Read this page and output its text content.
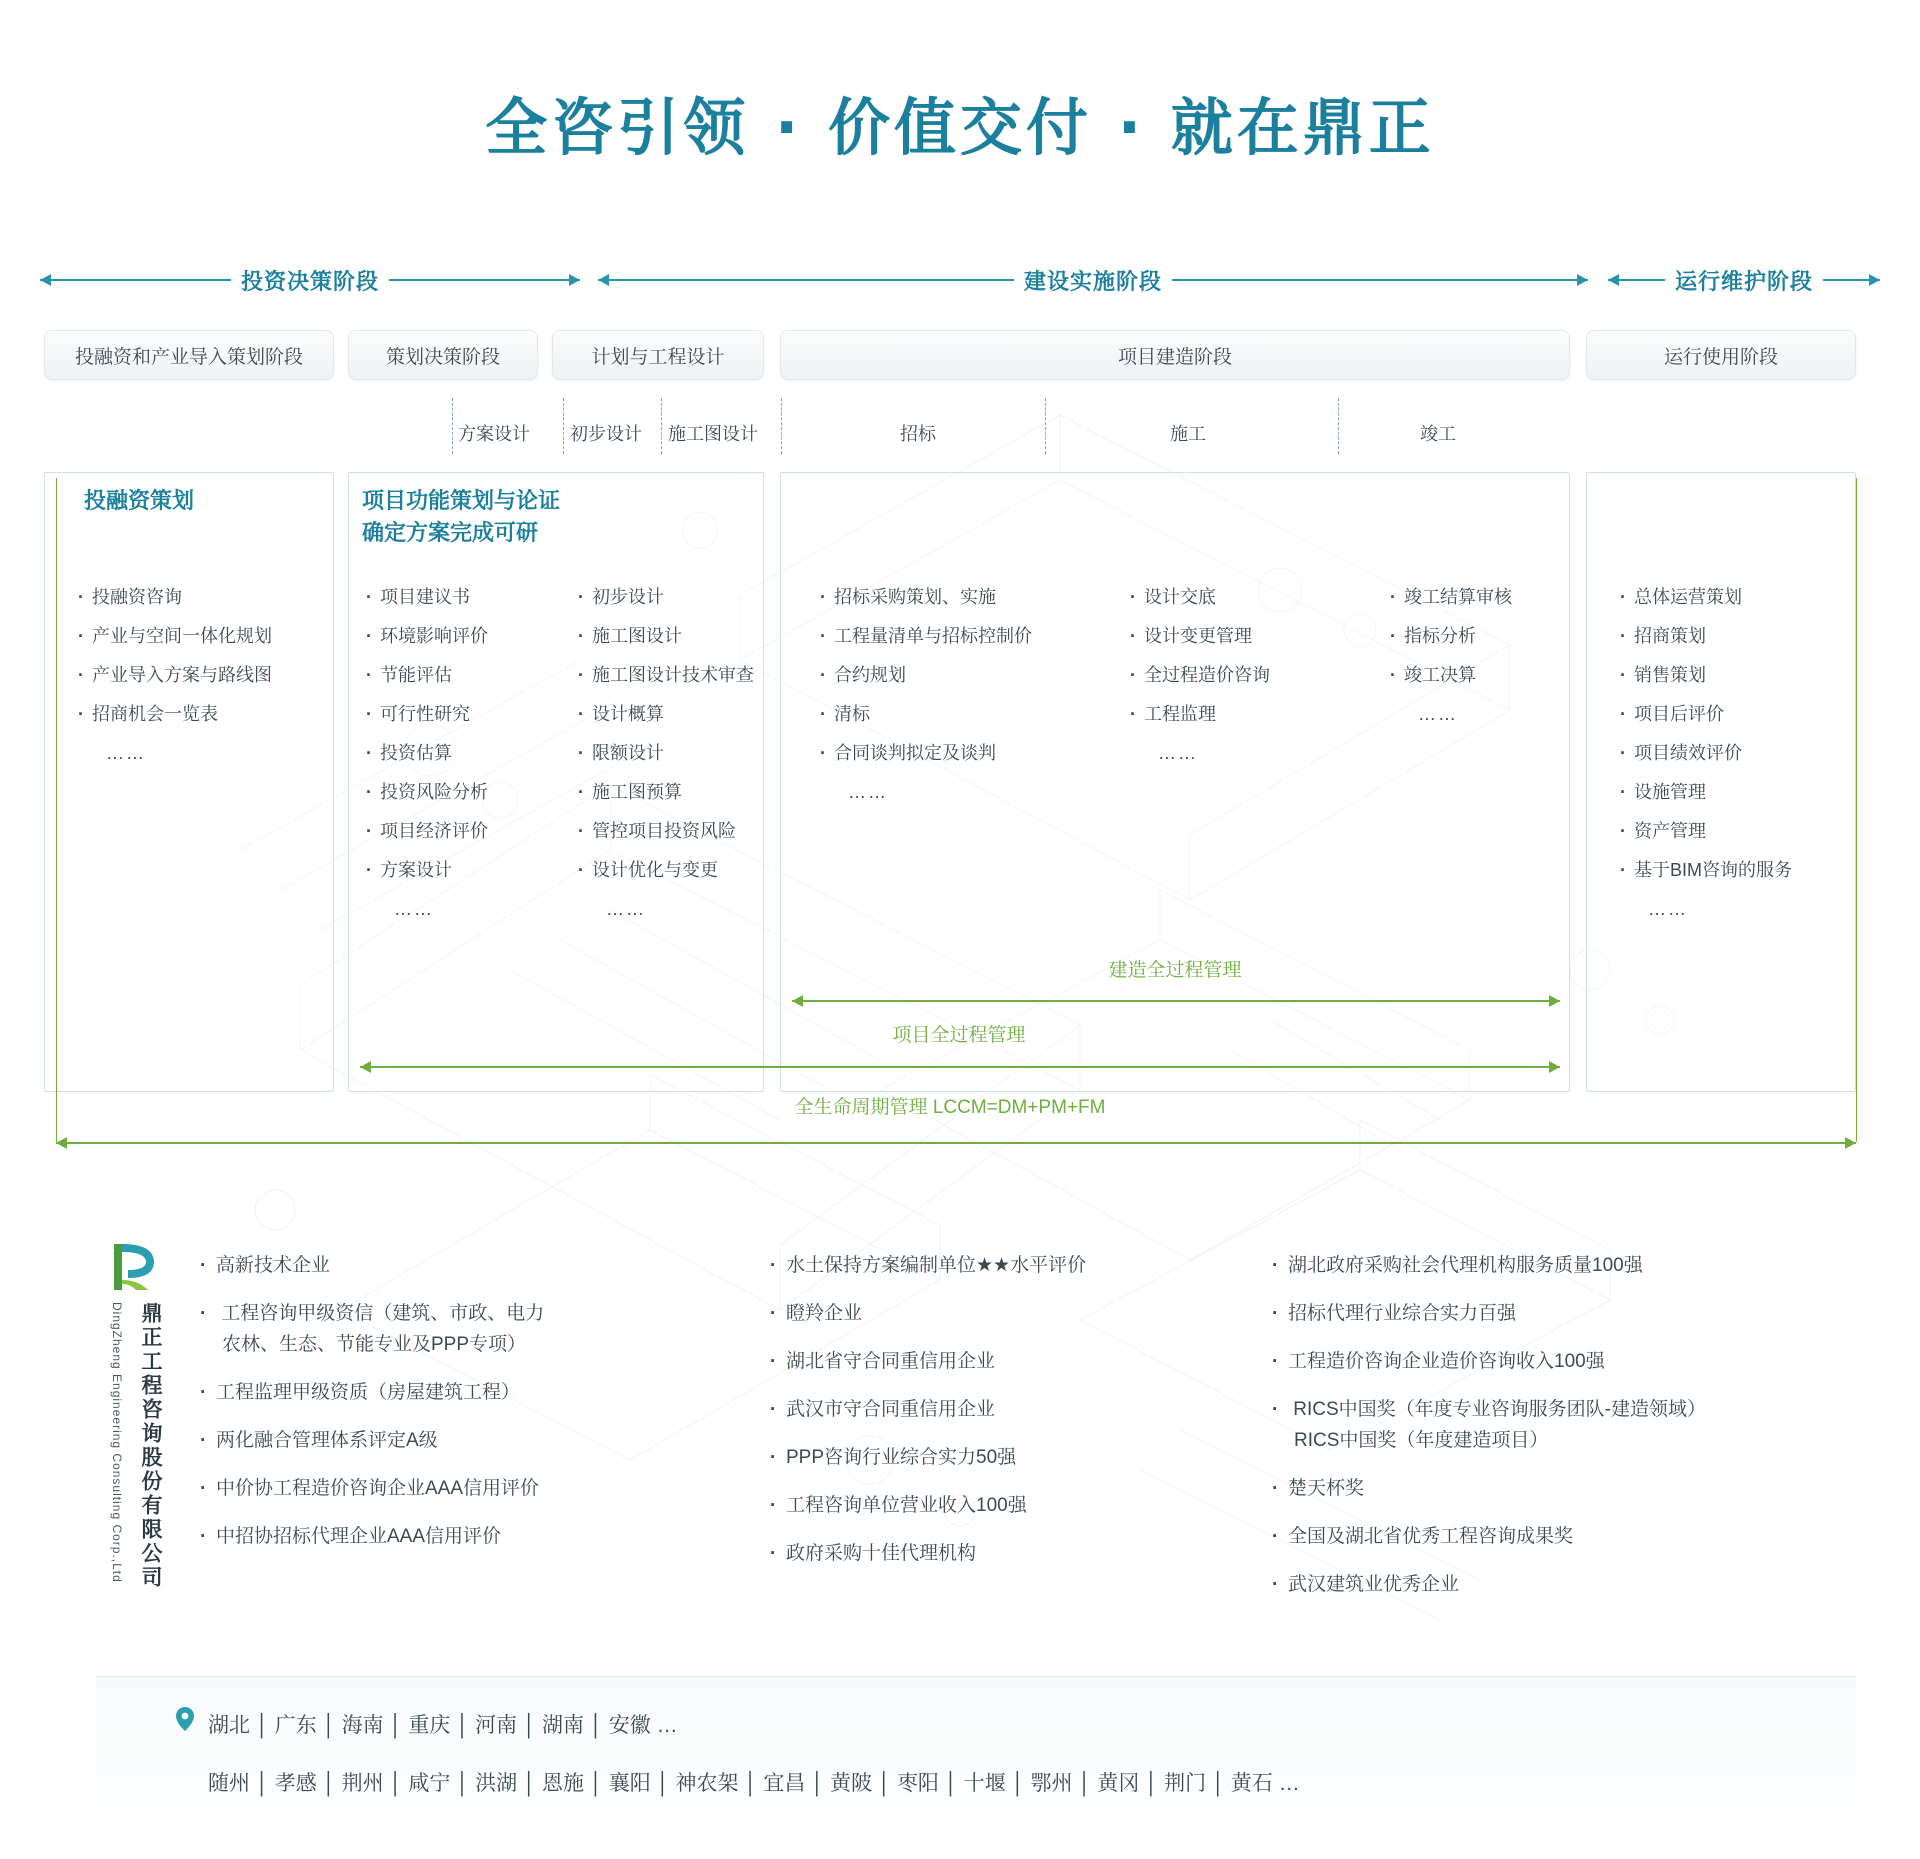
全咨引领 · 价值交付 · 就在鼎正
投资决策阶段	建设实施阶段	运行维护阶段
投融资和产业导入策划阶段	策划决策阶段	计划与工程设计	项目建造阶段	运行使用阶段
方案设计 初步设计 施工图设计	招标	施工	竣工
投融资策划	项目功能策划与论证
确定方案完成可研
· 投融资咨询
· 产业与空间一体化规划
· 产业导入方案与路线图
· 招商机会一览表
……
· 项目建议书
· 环境影响评价
· 节能评估
· 可行性研究
· 投资估算
· 投资风险分析
· 项目经济评价
· 方案设计
……
· 初步设计
· 施工图设计
· 施工图设计技术审查
· 设计概算
· 限额设计
· 施工图预算
· 管控项目投资风险
· 设计优化与变更
……
· 招标采购策划、实施
· 工程量清单与招标控制价
· 合约规划
· 清标
· 合同谈判拟定及谈判
……
· 设计交底
· 设计变更管理
· 全过程造价咨询
· 工程监理
……
· 竣工结算审核
· 指标分析
· 竣工决算
……
· 总体运营策划
· 招商策划
· 销售策划
· 项目后评价
· 项目绩效评价
· 设施管理
· 资产管理
· 基于BIM咨询的服务
……
建造全过程管理
项目全过程管理
全生命周期管理 LCCM=DM+PM+FM
鼎正工程咨询股份有限公司
DingZheng Engineering Consulting Corp.,Ltd
· 高新技术企业
· 工程咨询甲级资信（建筑、市政、电力
农林、生态、节能专业及PPP专项）
· 工程监理甲级资质（房屋建筑工程）
· 两化融合管理体系评定A级
· 中价协工程造价咨询企业AAA信用评价
· 中招协招标代理企业AAA信用评价
· 水土保持方案编制单位★★水平评价
· 瞪羚企业
· 湖北省守合同重信用企业
· 武汉市守合同重信用企业
· PPP咨询行业综合实力50强
· 工程咨询单位营业收入100强
· 政府采购十佳代理机构
· 湖北政府采购社会代理机构服务质量100强
· 招标代理行业综合实力百强
· 工程造价咨询企业造价咨询收入100强
· RICS中国奖（年度专业咨询服务团队-建造领域）
RICS中国奖（年度建造项目）
· 楚天杯奖
· 全国及湖北省优秀工程咨询成果奖
· 武汉建筑业优秀企业
湖北 │ 广东 │ 海南 │ 重庆 │ 河南 │ 湖南 │ 安徽 …
随州 │ 孝感 │ 荆州 │ 咸宁 │ 洪湖 │ 恩施 │ 襄阳 │ 神农架 │ 宜昌 │ 黄陂 │ 枣阳 │ 十堰 │ 鄂州 │ 黄冈 │ 荆门 │ 黄石 …
